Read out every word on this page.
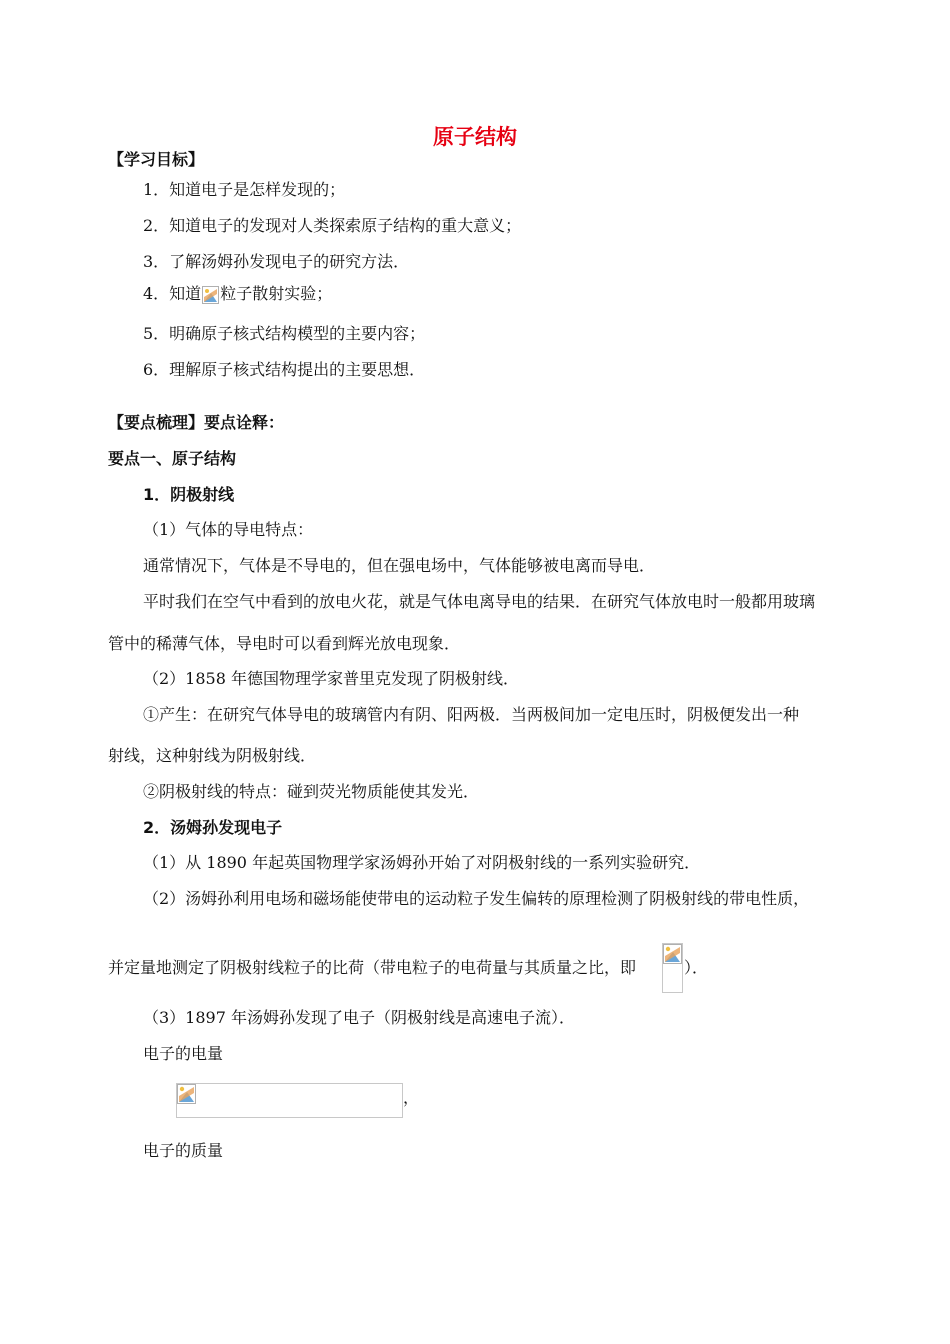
原子结构
【学习目标】
1．知道电子是怎样发现的；
2．知道电子的发现对人类探索原子结构的重大意义；
3．了解汤姆孙发现电子的研究方法．
4．知道 粒子散射实验；
5．明确原子核式结构模型的主要内容；
6．理解原子核式结构提出的主要思想．
【要点梳理】要点诠释：
要点一、原子结构
1．阴极射线
（1）气体的导电特点：
通常情况下，气体是不导电的，但在强电场中，气体能够被电离而导电．
平时我们在空气中看到的放电火花，就是气体电离导电的结果．在研究气体放电时一般都用玻璃
管中的稀薄气体，导电时可以看到辉光放电现象．
（2）1858 年德国物理学家普里克发现了阴极射线．
①产生：在研究气体导电的玻璃管内有阴、阳两极．当两极间加一定电压时，阴极便发出一种
射线，这种射线为阴极射线．
②阴极射线的特点：碰到荧光物质能使其发光．
2．汤姆孙发现电子
（1）从 1890 年起英国物理学家汤姆孙开始了对阴极射线的一系列实验研究．
（2）汤姆孙利用电场和磁场能使带电的运动粒子发生偏转的原理检测了阴极射线的带电性质，
并定量地测定了阴极射线粒子的比荷（带电粒子的电荷量与其质量之比，即	）．
（3）1897 年汤姆孙发现了电子（阴极射线是高速电子流）．
电子的电量
，
电子的质量
